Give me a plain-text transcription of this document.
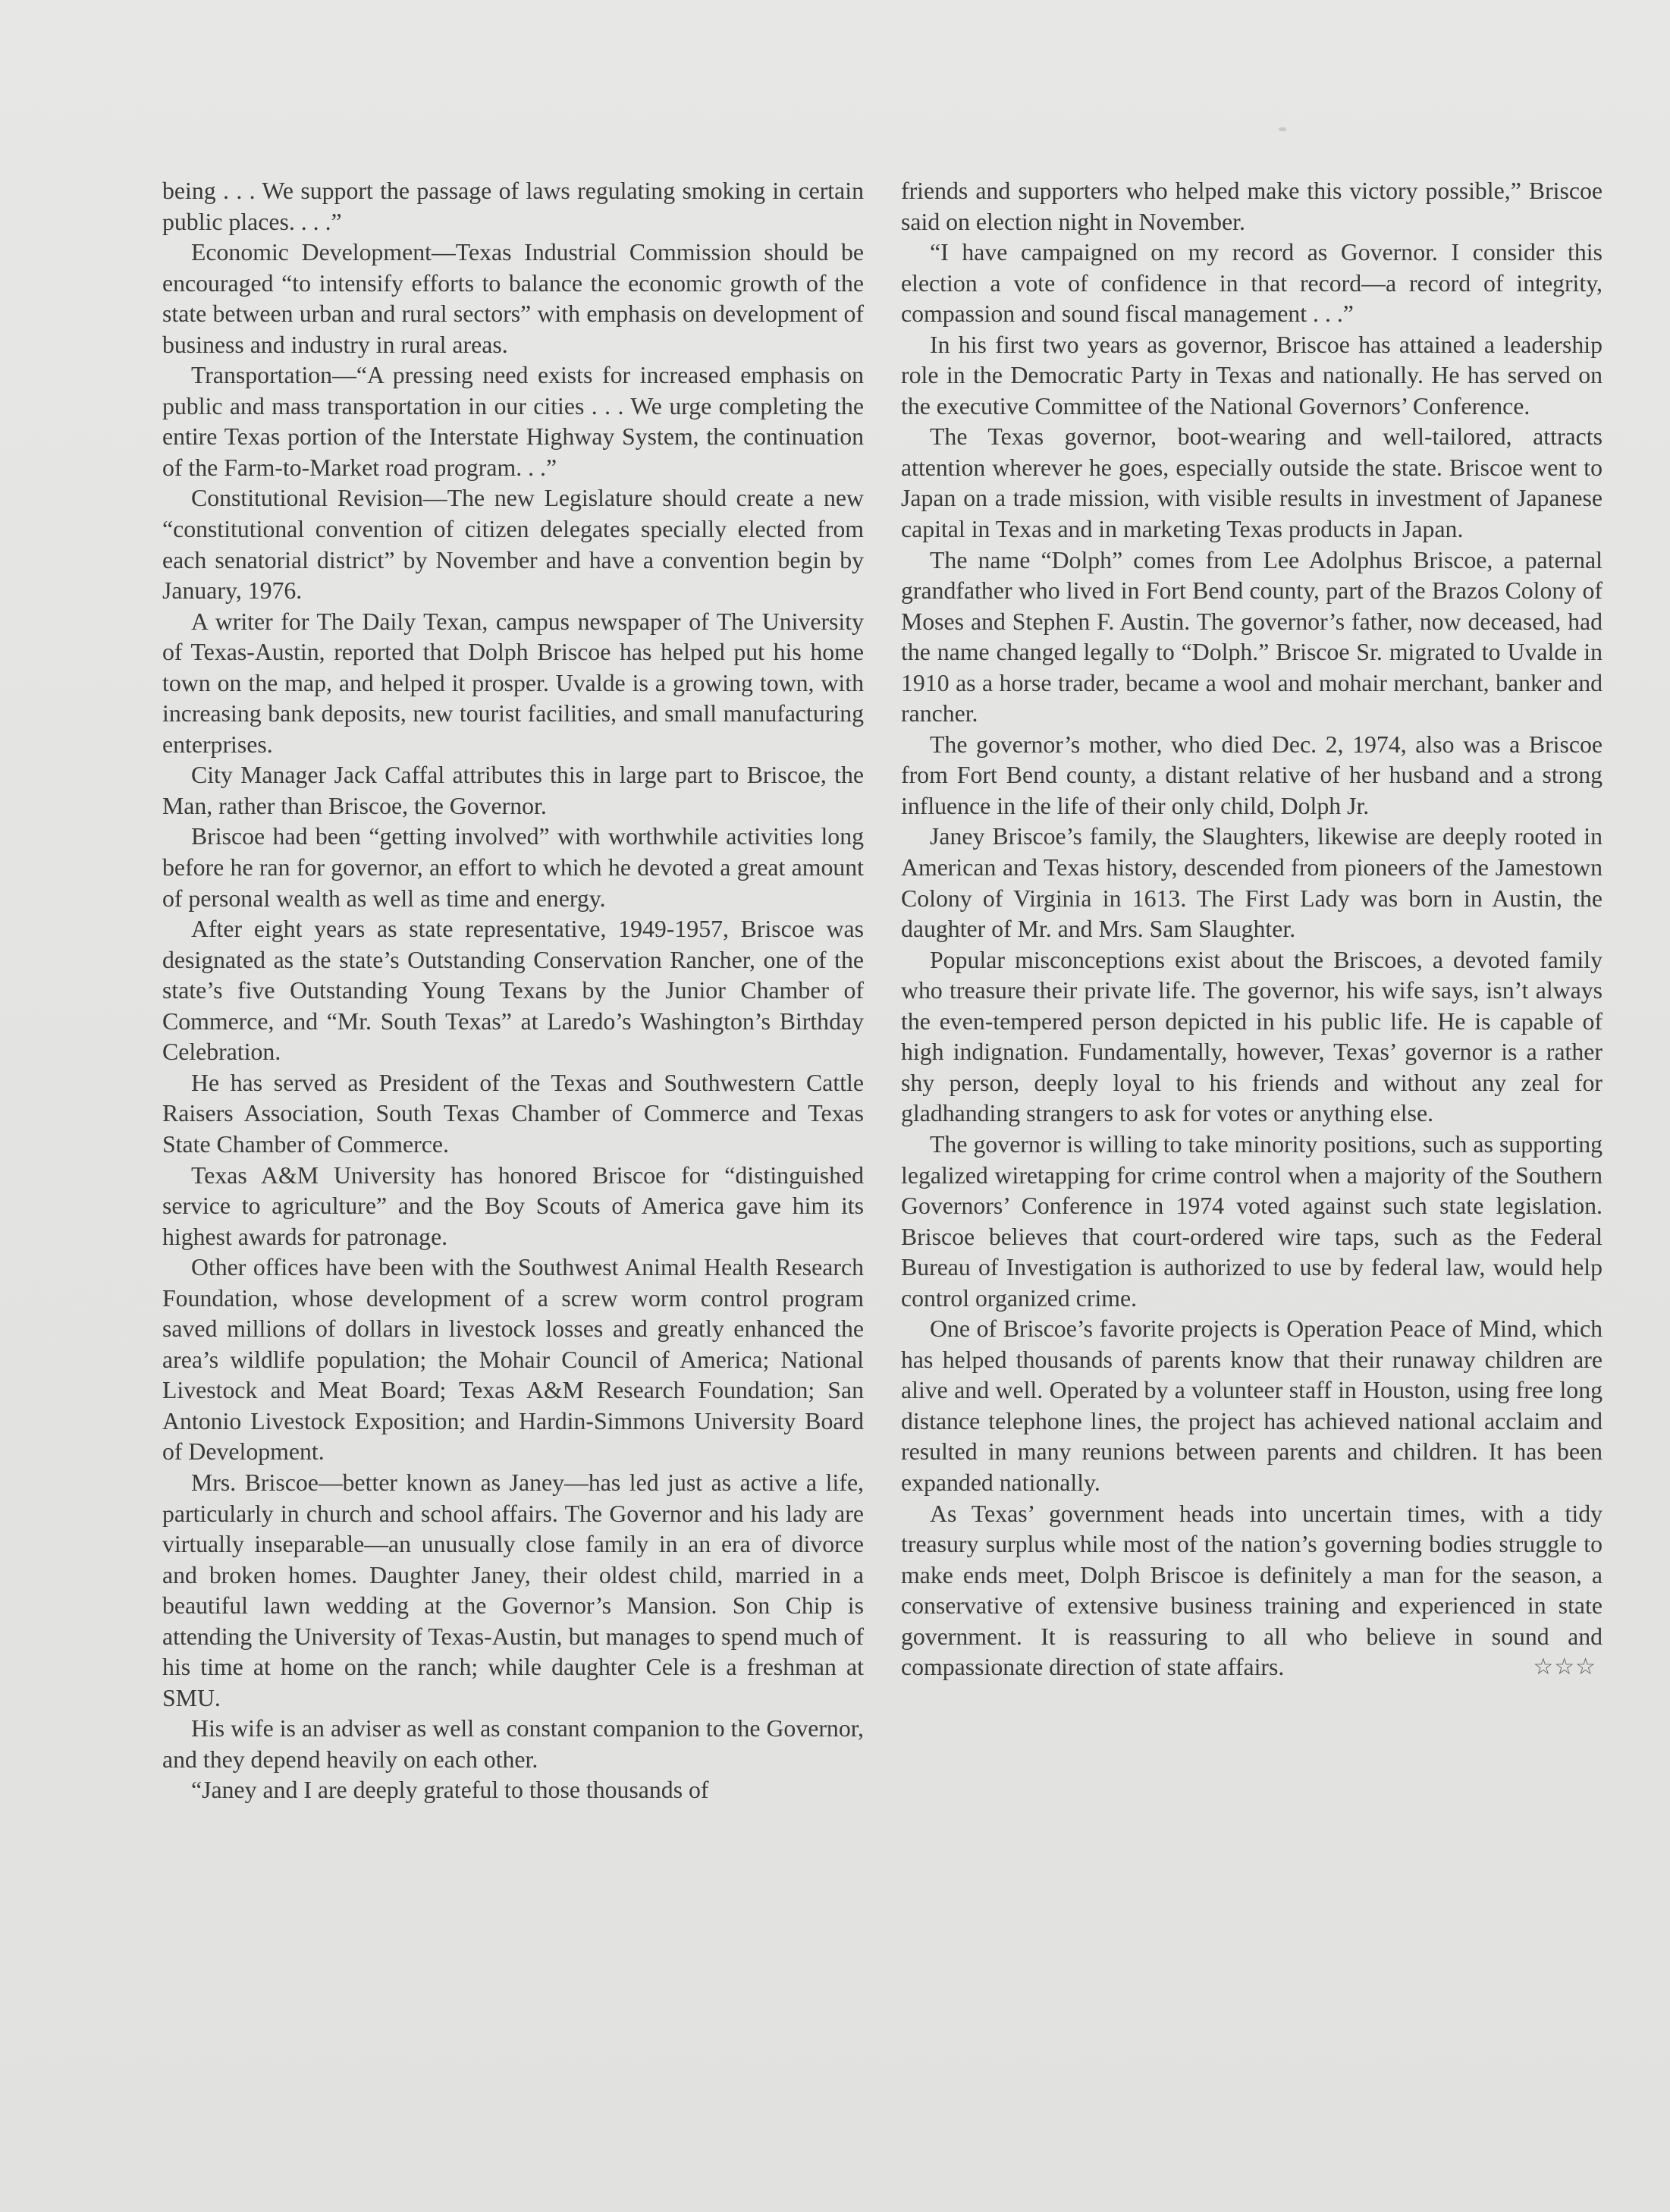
being . . . We support the passage of laws regulating smoking in certain public places. . . .”

Economic Development—Texas Industrial Commission should be encouraged “to intensify efforts to balance the economic growth of the state between urban and rural sectors” with emphasis on development of business and industry in rural areas.

Transportation—“A pressing need exists for increased emphasis on public and mass transportation in our cities . . . We urge completing the entire Texas portion of the Interstate Highway System, the continuation of the Farm-to-Market road program. . .”

Constitutional Revision—The new Legislature should create a new “constitutional convention of citizen delegates specially elected from each senatorial district” by November and have a convention begin by January, 1976.

A writer for The Daily Texan, campus newspaper of The University of Texas-Austin, reported that Dolph Briscoe has helped put his home town on the map, and helped it prosper. Uvalde is a growing town, with increasing bank deposits, new tourist facilities, and small manufacturing enterprises.

City Manager Jack Caffal attributes this in large part to Briscoe, the Man, rather than Briscoe, the Governor.

Briscoe had been “getting involved” with worthwhile activities long before he ran for governor, an effort to which he devoted a great amount of personal wealth as well as time and energy.

After eight years as state representative, 1949-1957, Briscoe was designated as the state’s Outstanding Conservation Rancher, one of the state’s five Outstanding Young Texans by the Junior Chamber of Commerce, and “Mr. South Texas” at Laredo’s Washington’s Birthday Celebration.

He has served as President of the Texas and Southwestern Cattle Raisers Association, South Texas Chamber of Commerce and Texas State Chamber of Commerce.

Texas A&M University has honored Briscoe for “distinguished service to agriculture” and the Boy Scouts of America gave him its highest awards for patronage.

Other offices have been with the Southwest Animal Health Research Foundation, whose development of a screw worm control program saved millions of dollars in livestock losses and greatly enhanced the area’s wildlife population; the Mohair Council of America; National Livestock and Meat Board; Texas A&M Research Foundation; San Antonio Livestock Exposition; and Hardin-Simmons University Board of Development.

Mrs. Briscoe—better known as Janey—has led just as active a life, particularly in church and school affairs. The Governor and his lady are virtually inseparable—an unusually close family in an era of divorce and broken homes. Daughter Janey, their oldest child, married in a beautiful lawn wedding at the Governor’s Mansion. Son Chip is attending the University of Texas-Austin, but manages to spend much of his time at home on the ranch; while daughter Cele is a freshman at SMU.

His wife is an adviser as well as constant companion to the Governor, and they depend heavily on each other.

“Janey and I are deeply grateful to those thousands of

friends and supporters who helped make this victory possible,” Briscoe said on election night in November.

“I have campaigned on my record as Governor. I consider this election a vote of confidence in that record—a record of integrity, compassion and sound fiscal management . . .”

In his first two years as governor, Briscoe has attained a leadership role in the Democratic Party in Texas and nationally. He has served on the executive Committee of the National Governors’ Conference.

The Texas governor, boot-wearing and well-tailored, attracts attention wherever he goes, especially outside the state. Briscoe went to Japan on a trade mission, with visible results in investment of Japanese capital in Texas and in marketing Texas products in Japan.

The name “Dolph” comes from Lee Adolphus Briscoe, a paternal grandfather who lived in Fort Bend county, part of the Brazos Colony of Moses and Stephen F. Austin. The governor’s father, now deceased, had the name changed legally to “Dolph.” Briscoe Sr. migrated to Uvalde in 1910 as a horse trader, became a wool and mohair merchant, banker and rancher.

The governor’s mother, who died Dec. 2, 1974, also was a Briscoe from Fort Bend county, a distant relative of her husband and a strong influence in the life of their only child, Dolph Jr.

Janey Briscoe’s family, the Slaughters, likewise are deeply rooted in American and Texas history, descended from pioneers of the Jamestown Colony of Virginia in 1613. The First Lady was born in Austin, the daughter of Mr. and Mrs. Sam Slaughter.

Popular misconceptions exist about the Briscoes, a devoted family who treasure their private life. The governor, his wife says, isn’t always the even-tempered person depicted in his public life. He is capable of high indignation. Fundamentally, however, Texas’ governor is a rather shy person, deeply loyal to his friends and without any zeal for gladhanding strangers to ask for votes or anything else.

The governor is willing to take minority positions, such as supporting legalized wiretapping for crime control when a majority of the Southern Governors’ Conference in 1974 voted against such state legislation. Briscoe believes that court-ordered wire taps, such as the Federal Bureau of Investigation is authorized to use by federal law, would help control organized crime.

One of Briscoe’s favorite projects is Operation Peace of Mind, which has helped thousands of parents know that their runaway children are alive and well. Operated by a volunteer staff in Houston, using free long distance telephone lines, the project has achieved national acclaim and resulted in many reunions between parents and children. It has been expanded nationally.

As Texas’ government heads into uncertain times, with a tidy treasury surplus while most of the nation’s governing bodies struggle to make ends meet, Dolph Briscoe is definitely a man for the season, a conservative of extensive business training and experienced in state government. It is reassuring to all who believe in sound and compassionate direction of state affairs.	☆☆☆
